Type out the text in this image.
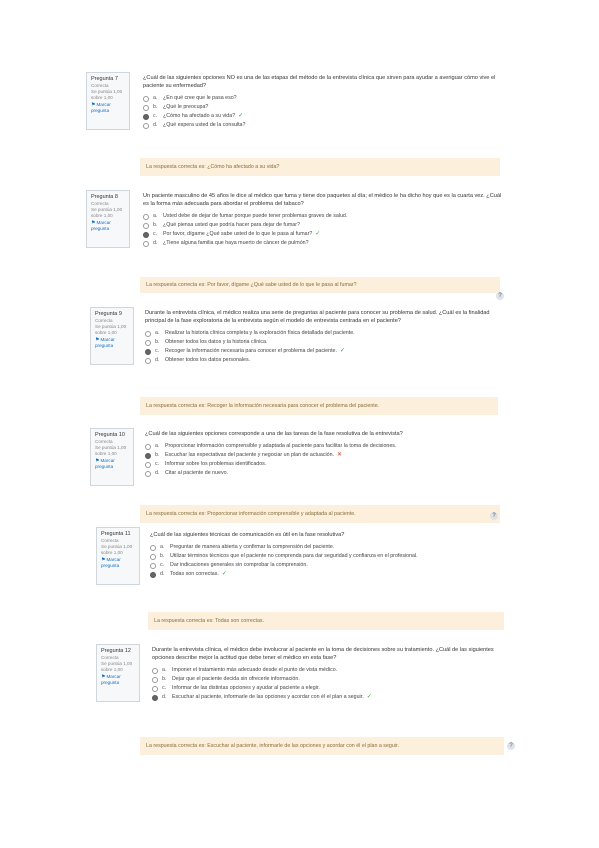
Pregunta 7
Correcta
Se puntúa 1,00 sobre 1,00
⚑Marcar pregunta
¿Cuál de las siguientes opciones NO es una de las etapas del método de la entrevista clínica que sirven para ayudar a averiguar cómo vive el paciente su enfermedad?
a.	¿En qué cree que le pasa eso?
b.	¿Qué le preocupa?
c.	¿Cómo ha afectado a su vida? ✓
d.	¿Qué espera usted de la consulta?
La respuesta correcta es: ¿Cómo ha afectado a su vida?
Pregunta 8
Correcta
Se puntúa 1,00 sobre 1,00
⚑Marcar pregunta
Un paciente masculino de 45 años le dice al médico que fuma y tiene dos paquetes al día; el médico le ha dicho hoy que es la cuarta vez. ¿Cuál es la forma más adecuada para abordar el problema del tabaco?
a.	Usted debe de dejar de fumar porque puede tener problemas graves de salud.
b.	¿Qué piensa usted que podría hacer para dejar de fumar?
c.	Por favor, dígame ¿Qué sabe usted de lo que le pasa al fumar? ✓
d.	¿Tiene alguna familia que haya muerto de cáncer de pulmón?
La respuesta correcta es: Por favor, dígame ¿Qué sabe usted de lo que le pasa al fumar?
?
Pregunta 9
Correcta
Se puntúa 1,00 sobre 1,00
⚑Marcar pregunta
Durante la entrevista clínica, el médico realiza una serie de preguntas al paciente para conocer su problema de salud. ¿Cuál es la finalidad principal de la fase exploratoria de la entrevista según el modelo de entrevista centrada en el paciente?
a.	Realizar la historia clínica completa y la exploración física detallada del paciente.
b.	Obtener todos los datos y la historia clínica.
c.	Recoger la información necesaria para conocer el problema del paciente. ✓
d.	Obtener todos los datos personales.
La respuesta correcta es: Recoger la información necesaria para conocer el problema del paciente.
Pregunta 10
Correcta
Se puntúa 1,00 sobre 1,00
⚑Marcar pregunta
¿Cuál de las siguientes opciones corresponde a una de las tareas de la fase resolutiva de la entrevista?
a.	Proporcionar información comprensible y adaptada al paciente para facilitar la toma de decisiones.
b.	Escuchar las expectativas del paciente y negociar un plan de actuación. ✕
c.	Informar sobre los problemas identificados.
d.	Citar al paciente de nuevo.
La respuesta correcta es: Proporcionar información comprensible y adaptada al paciente.	?
Pregunta 11
Correcta
Se puntúa 1,00 sobre 1,00
⚑Marcar pregunta
¿Cuál de las siguientes técnicas de comunicación es útil en la fase resolutiva?
a.	Preguntar de manera abierta y confirmar la comprensión del paciente.
b.	Utilizar términos técnicos que el paciente no comprenda para dar seguridad y confianza en el profesional.
c.	Dar indicaciones generales sin comprobar la comprensión.
d.	Todas son correctas. ✓
La respuesta correcta es: Todas son correctas.
Pregunta 12
Correcta
Se puntúa 1,00 sobre 1,00
⚑Marcar pregunta
Durante la entrevista clínica, el médico debe involucrar al paciente en la toma de decisiones sobre su tratamiento. ¿Cuál de las siguientes opciones describe mejor la actitud que debe tener el médico en esta fase?
a.	Imponer el tratamiento más adecuado desde el punto de vista médico.
b.	Dejar que el paciente decida sin ofrecerle información.
c.	Informar de las distintas opciones y ayudar al paciente a elegir.
d.	Escuchar al paciente, informarle de las opciones y acordar con él el plan a seguir. ✓
La respuesta correcta es: Escuchar al paciente, informarle de las opciones y acordar con él el plan a seguir.	?
